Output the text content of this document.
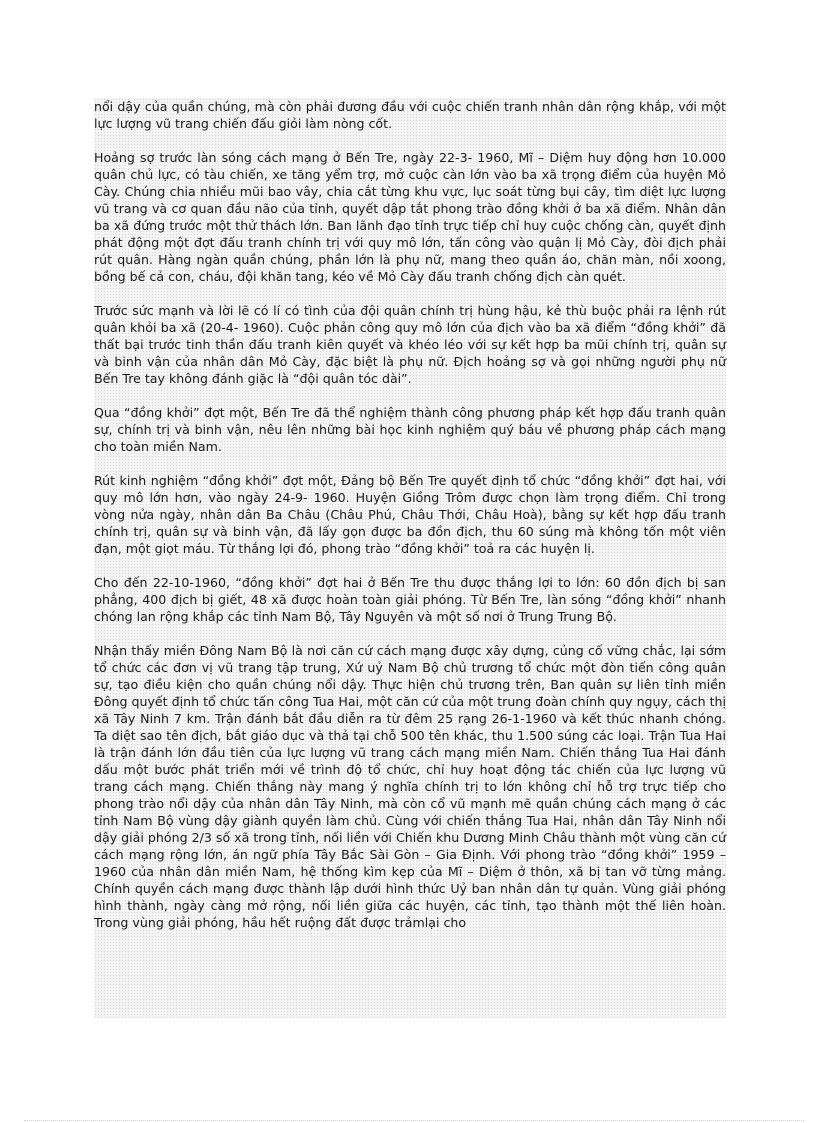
nổi dậy của quần chúng, mà còn phải đương đầu với cuộc chiến tranh nhân dân rộng khắp, với một lực lượng vũ trang chiến đấu giỏi làm nòng cốt.

Hoảng sợ trước làn sóng cách mạng ở Bến Tre, ngày 22-3- 1960, Mĩ – Diệm huy động hơn 10.000 quân chủ lực, có tàu chiến, xe tăng yểm trợ, mở cuộc càn lớn vào ba xã trọng điểm của huyện Mỏ Cày. Chúng chia nhiều mũi bao vây, chia cắt từng khu vực, lục soát từng bụi cây, tìm diệt lực lượng vũ trang và cơ quan đầu não của tỉnh, quyết dập tắt phong trào đồng khởi ở ba xã điểm. Nhân dân ba xã đứng trước một thử thách lớn. Ban lãnh đạo tỉnh trực tiếp chỉ huy cuộc chống càn, quyết định phát động một đợt đấu tranh chính trị với quy mô lớn, tấn công vào quận lị Mỏ Cày, đòi địch phải rút quân. Hàng ngàn quần chúng, phần lớn là phụ nữ, mang theo quần áo, chăn màn, nồi xoong, bồng bế cả con, cháu, đội khăn tang, kéo về Mỏ Cày đấu tranh chống địch càn quét.

Trước sức mạnh và lời lẽ có lí có tình của đội quân chính trị hùng hậu, kẻ thù buộc phải ra lệnh rút quân khỏi ba xã (20-4- 1960). Cuộc phản công quy mô lớn của địch vào ba xã điểm “đồng khởi” đã thất bại trước tinh thần đấu tranh kiên quyết và khéo léo với sự kết hợp ba mũi chính trị, quân sự và binh vận của nhân dân Mỏ Cày, đặc biệt là phụ nữ. Địch hoảng sợ và gọi những người phụ nữ Bến Tre tay không đánh giặc là “đội quân tóc dài”.

Qua “đồng khởi” đợt một, Bến Tre đã thể nghiệm thành công phương pháp kết hợp đấu tranh quân sự, chính trị và binh vận, nêu lên những bài học kinh nghiệm quý báu về phương pháp cách mạng cho toàn miền Nam.

Rút kinh nghiệm “đồng khởi” đợt một, Đảng bộ Bến Tre quyết định tổ chức “đồng khởi” đợt hai, với quy mô lớn hơn, vào ngày 24-9- 1960. Huyện Giồng Trôm được chọn làm trọng điểm. Chỉ trong vòng nửa ngày, nhân dân Ba Châu (Châu Phú, Châu Thới, Châu Hoà), bằng sự kết hợp đấu tranh chính trị, quân sự và binh vận, đã lấy gọn được ba đồn địch, thu 60 súng mà không tốn một viên đạn, một giọt máu. Từ thắng lợi đó, phong trào “đồng khởi” toả ra các huyện lị.

Cho đến 22-10-1960, “đồng khởi” đợt hai ở Bến Tre thu được thắng lợi to lớn: 60 đồn địch bị san phẳng, 400 địch bị giết, 48 xã được hoàn toàn giải phóng. Từ Bến Tre, làn sóng “đồng khởi” nhanh chóng lan rộng khắp các tỉnh Nam Bộ, Tây Nguyên và một số nơi ở Trung Trung Bộ.

Nhận thấy miền Đông Nam Bộ là nơi căn cứ cách mạng được xây dựng, củng cố vững chắc, lại sớm tổ chức các đơn vị vũ trang tập trung, Xứ uỷ Nam Bộ chủ trương tổ chức một đòn tiến công quân sự, tạo điều kiện cho quần chúng nổi dậy. Thực hiện chủ trương trên, Ban quân sự liên tỉnh miền Đông quyết định tổ chức tấn công Tua Hai, một căn cứ của một trung đoàn chính quy ngụy, cách thị xã Tây Ninh 7 km. Trận đánh bắt đầu diễn ra từ đêm 25 rạng 26-1-1960 và kết thúc nhanh chóng. Ta diệt sao tên địch, bắt giáo dục và thả tại chỗ 500 tên khác, thu 1.500 súng các loại. Trận Tua Hai là trận đánh lớn đầu tiên của lực lượng vũ trang cách mạng miền Nam. Chiến thắng Tua Hai đánh dấu một bước phát triển mới về trình độ tổ chức, chỉ huy hoạt động tác chiến của lực lượng vũ trang cách mạng. Chiến thắng này mang ý nghĩa chính trị to lớn không chỉ hỗ trợ trực tiếp cho phong trào nổi dậy của nhân dân Tây Ninh, mà còn cổ vũ mạnh mẽ quần chúng cách mạng ở các tỉnh Nam Bộ vùng dậy giành quyền làm chủ. Cùng với chiến thắng Tua Hai, nhân dân Tây Ninh nổi dậy giải phóng 2/3 số xã trong tỉnh, nối liền với Chiến khu Dương Minh Châu thành một vùng căn cứ cách mạng rộng lớn, án ngữ phía Tây Bắc Sài Gòn – Gia Định. Với phong trào “đồng khởi” 1959 – 1960 của nhân dân miền Nam, hệ thống kìm kẹp của Mĩ – Diệm ở thôn, xã bị tan vỡ từng mảng. Chính quyền cách mạng được thành lập dưới hình thức Uỷ ban nhân dân tự quản. Vùng giải phóng hình thành, ngày càng mở rộng, nối liền giữa các huyện, các tỉnh, tạo thành một thế liên hoàn. Trong vùng giải phóng, hầu hết ruộng đất được trảmlại cho
